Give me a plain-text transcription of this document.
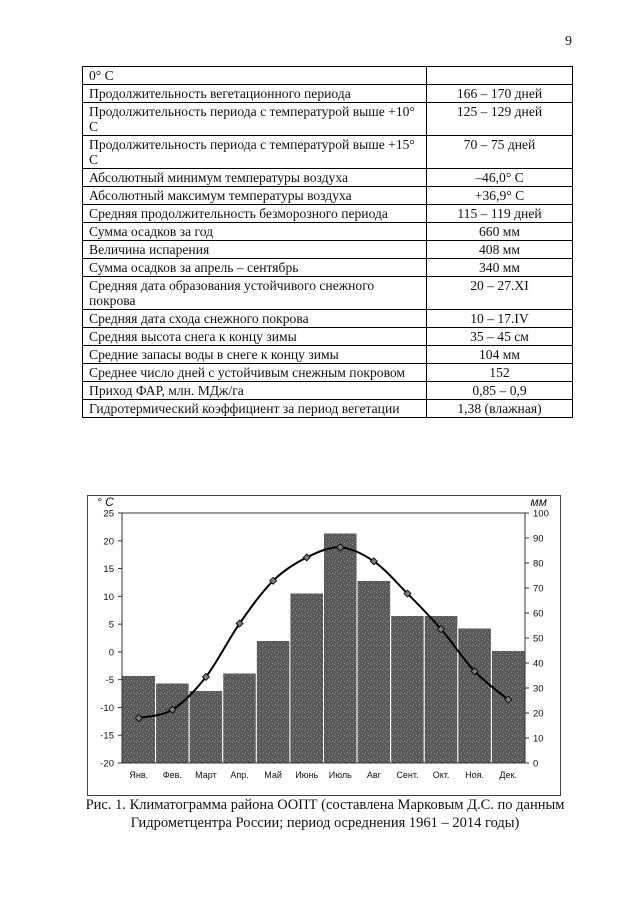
9
0° С	
Продолжительность вегетационного периода	166 – 170 дней
Продолжительность периода с температурой выше +10° С	125 – 129 дней
Продолжительность периода с температурой выше +15° С	70 – 75 дней
Абсолютный минимум температуры воздуха	–46,0° С
Абсолютный максимум температуры воздуха	+36,9° С
Средняя продолжительность безморозного периода	115 – 119 дней
Сумма осадков за год	660 мм
Величина испарения	408 мм
Сумма осадков за апрель – сентябрь	340 мм
Средняя дата образования устойчивого снежного покрова	20 – 27.XI
Средняя дата схода снежного покрова	10 – 17.IV
Средняя высота снега к концу зимы	35 – 45 см
Средние запасы воды в снеге к концу зимы	104 мм
Среднее число дней с устойчивым снежным покровом	152
Приход ФАР, млн. МДж/га	0,85 – 0,9
Гидротермический коэффициент за период вегетации	1,38 (влажная)
-20
-15
-10
-5
0
5
10
15
20
25
0
10
20
30
40
50
60
70
80
90
100
° С	мм
Янв. Фев. Март Апр. Май Июнь Июль Авг Сент. Окт. Ноя. Дек.
Рис. 1. Климатограмма района ООПТ (составлена Марковым Д.С. по данным Гидрометцентра России; период осреднения 1961 – 2014 годы)
